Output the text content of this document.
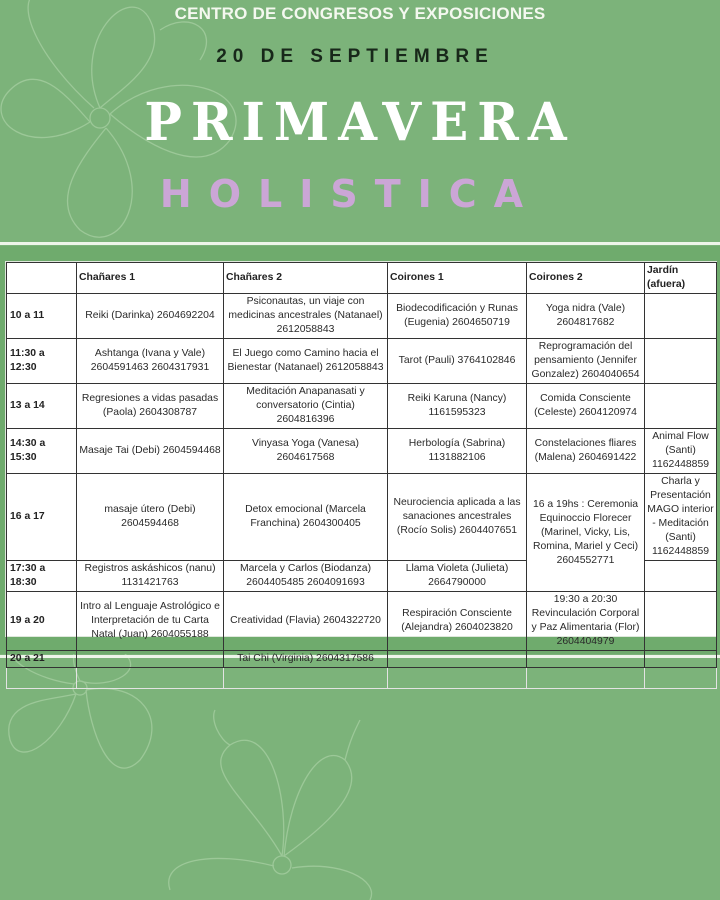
CENTRO DE CONGRESOS Y EXPOSICIONES
20 DE SEPTIEMBRE
PRIMAVERA
HOLISTICA
	Chañares 1	Chañares 2	Coirones 1	Coirones 2	Jardín (afuera)
10 a 11	Reiki (Darinka) 2604692204	Psiconautas, un viaje con medicinas ancestrales (Natanael) 2612058843	Biodecodificación y Runas (Eugenia) 2604650719	Yoga nidra (Vale) 2604817682	
11:30 a 12:30	Ashtanga (Ivana y Vale) 2604591463 2604317931	El Juego como Camino hacia el Bienestar (Natanael) 2612058843	Tarot (Pauli) 3764102846	Reprogramación del pensamiento (Jennifer Gonzalez) 2604040654	
13 a 14	Regresiones a vidas pasadas (Paola) 2604308787	Meditación Anapanasati y conversatorio (Cintia) 2604816396	Reiki Karuna (Nancy) 1161595323	Comida Consciente (Celeste) 2604120974	
14:30 a 15:30	Masaje Tai (Debi) 2604594468	Vinyasa Yoga (Vanesa) 2604617568	Herbología (Sabrina) 1131882106	Constelaciones fliares (Malena) 2604691422	Animal Flow (Santi) 1162448859
16 a 17	masaje útero (Debi) 2604594468	Detox emocional (Marcela Franchina) 2604300405	Neurociencia aplicada a las sanaciones ancestrales (Rocío Solis) 2604407651	16 a 19hs : Ceremonia Equinoccio Florecer (Marinel, Vicky, Lis, Romina, Mariel y Ceci) 2604552771	Charla y Presentación MAGO interior - Meditación (Santi) 1162448859
17:30 a 18:30	Registros askáshicos (nanu) 1131421763	Marcela y Carlos (Biodanza) 2604405485 2604091693	Llama Violeta (Julieta) 2664790000		
19 a 20	Intro al Lenguaje Astrológico e Interpretación de tu Carta Natal (Juan) 2604055188	Creatividad (Flavia) 2604322720	Respiración Consciente (Alejandra) 2604023820	19:30 a 20:30 Revinculación Corporal y Paz Alimentaria (Flor) 2604404979	
20 a 21		Tai Chi (Virginia) 2604317586			
